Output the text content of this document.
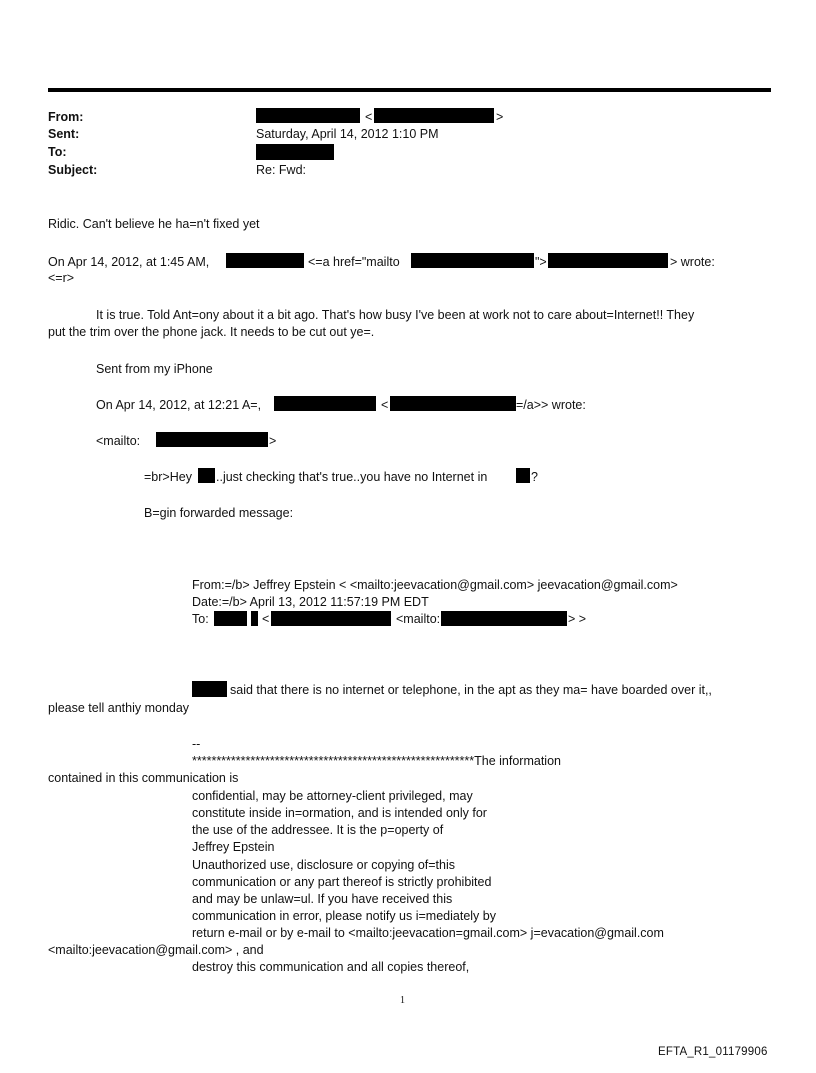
From:	<	>
Sent:	Saturday, April 14, 2012 1:10 PM
To:
Subject:	Re: Fwd:
Ridic. Can't believe he ha=n't fixed yet
On Apr 14, 2012, at 1:45 AM,	<=a href="mailto	">	> wrote:
<=r>
It is true. Told Ant=ony about it a bit ago. That's how busy I've been at work not to care about=Internet!! They
put the trim over the phone jack. It needs to be cut out ye=.
Sent from my iPhone
On Apr 14, 2012, at 12:21 A=,	<	=/a>> wrote:
<mailto:	>
=br>Hey ..just checking that's true..you have no Internet in	?
B=gin forwarded message:
From:=/b> Jeffrey Epstein < <mailto:jeevacation@gmail.com> jeevacation@gmail.com>
Date:=/b> April 13, 2012 11:57:19 PM EDT
To:	<	<mailto:	> >
said that there is no internet or telephone, in the apt as they ma= have boarded over it,,
please tell anthiy monday
--
**********************************************************The information
contained in this communication is
confidential, may be attorney-client privileged, may
constitute inside in=ormation, and is intended only for
the use of the addressee. It is the p=operty of
Jeffrey Epstein
Unauthorized use, disclosure or copying of=this
communication or any part thereof is strictly prohibited
and may be unlaw=ul. If you have received this
communication in error, please notify us i=mediately by
return e-mail or by e-mail to <mailto:jeevacation=gmail.com> j=evacation@gmail.com
<mailto:jeevacation@gmail.com> , and
destroy this communication and all copies thereof,
1
EFTA_R1_01179906
